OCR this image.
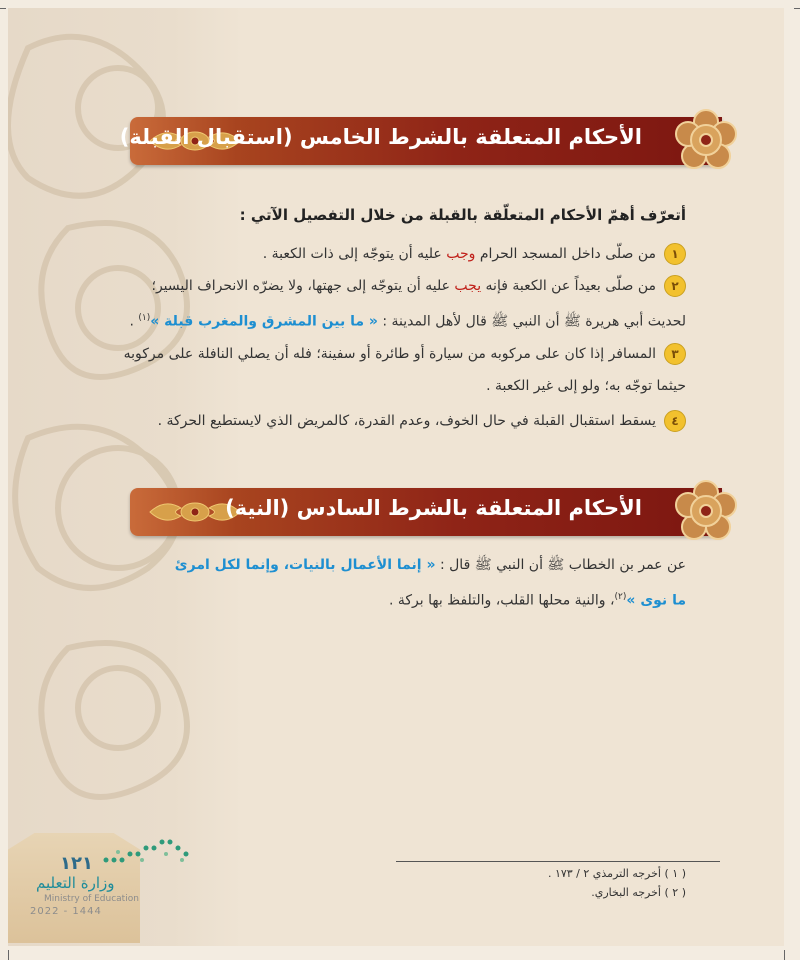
الأحكام المتعلقة بالشرط الخامس (استقبال القبلة)
أتعرّف أهمّ الأحكام المتعلّقة بالقبلة من خلال التفصيل الآتي :
١من صلّى داخل المسجد الحرام وجب عليه أن يتوجّه إلى ذات الكعبة .
٢من صلّى بعيداً عن الكعبة فإنه يجب عليه أن يتوجّه إلى جهتها، ولا يضرّه الانحراف اليسير؛
لحديث أبي هريرة ﷺ أن النبي ﷺ قال لأهل المدينة : « ما بين المشرق والمغرب قبلة »$^{(١)}$ .
٣المسافر إذا كان على مركوبه من سيارة أو طائرة أو سفينة؛ فله أن يصلي النافلة على مركوبه
حيثما توجّه به؛ ولو إلى غير الكعبة .
٤يسقط استقبال القبلة في حال الخوف، وعدم القدرة، كالمريض الذي لايستطيع الحركة .
الأحكام المتعلقة بالشرط السادس (النية)
عن عمر بن الخطاب ﷺ أن النبي ﷺ قال : « إنما الأعمال بالنيات، وإنما لكل امرئ
ما نوى »$^{(٢)}$، والنية محلها القلب، والتلفظ بها بركة .
( ١ ) أخرجه الترمذي ٢ / ١٧٣ .
( ٢ ) أخرجه البخاري.
١٢١
وزارة التعليم
Ministry of Education
2022 - 1444
